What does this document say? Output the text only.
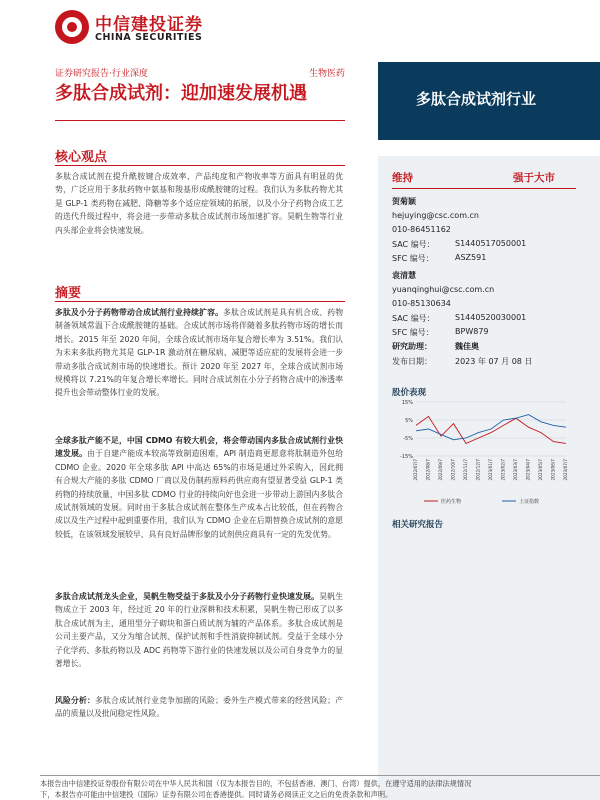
中信建投证券
CHINA SECURITIES
证券研究报告·行业深度	生物医药
多肽合成试剂：迎加速发展机遇	多肽合成试剂行业
核心观点
多肽合成试剂在提升酰胺键合成效率、产品纯度和产物收率等方面具有明显的优势，广泛应用于多肽药物中氨基和羧基形成酰胺键的过程。我们认为多肽药物尤其是 GLP-1 类药物在减肥、降糖等多个适应症领域的拓展，以及小分子药物合成工艺的迭代升级过程中，将会进一步带动多肽合成试剂市场加速扩容。昊帆生物等行业内头部企业将会快速发展。
摘要
多肽及小分子药物带动合成试剂行业持续扩容。多肽合成试剂是具有机合成、药物制备领域常温下合成酰胺键的基础。合成试剂市场将伴随着多肽药物市场的增长而增长。2015 年至 2020 年间，全球合成试剂市场年复合增长率为 3.51%。我们认为未来多肽药物尤其是 GLP-1R 激动剂在糖尿病、减肥等适应症的发展将会进一步带动多肽合成试剂市场的快速增长。预计 2020 年至 2027 年，全球合成试剂市场规模将以 7.21%的年复合增长率增长。同时合成试剂在小分子药物合成中的渗透率提升也会带动整体行业的发展。
全球多肽产能不足，中国 CDMO 有较大机会，将会带动国内多肽合成试剂行业快速发展。由于自建产能成本较高等致制造困难，API 制造商更愿意将肽制造外包给 CDMO 企业。2020 年全球多肽 API 中高达 65%的市场是通过外采购入，因此拥有合规大产能的多肽 CDMO 厂商以及仿制药原料药供应商有望显著受益 GLP-1 类药物的持续放量，中国多肽 CDMO 行业的持续向好也会进一步带动上游国内多肽合成试剂领域的发展。同时由于多肽合成试剂在整体生产成本占比较低，但在药物合成以及生产过程中起到重要作用，我们认为 CDMO 企业在后期替换合成试剂的意愿较低，在该领域发展较早、具有良好品牌形象的试剂供应商具有一定的先发优势。
多肽合成试剂龙头企业，昊帆生物受益于多肽及小分子药物行业快速发展。昊帆生物成立于 2003 年，经过近 20 年的行业深耕和技术积累，昊帆生物已形成了以多肽合成试剂为主，通用型分子砌块和蛋白质试剂为辅的产品体系。多肽合成试剂是公司主要产品，又分为缩合试剂、保护试剂和手性消旋抑制试剂。受益于全球小分子化学药、多肽药物以及 ADC 药物等下游行业的快速发展以及公司自身竞争力的显著增长。
风险分析：多肽合成试剂行业竞争加剧的风险；委外生产模式带来的经营风险；产品的质量以及批间稳定性风险。
维持	强于大市
贺菊颖
hejuying@csc.com.cn
010-86451162
SAC 编号：	S1440517050001
SFC 编号：	ASZ591
袁清慧
yuanqinghui@csc.com.cn
010-85130634
SAC 编号：	S1440520030001
SFC 编号：	BPW879
研究助理：	魏佳奥
发布日期：	2023 年 07 月 08 日
股价表现
15%
5%
-5%
-15%
2022/07/7 2022/08/7 2022/09/7 2022/10/7 2022/11/7 2022/12/7 2023/01/7 2023/02/7 2023/03/7 2023/04/7 2023/05/7 2023/06/7 2023/07/7
医药生物	上证指数
相关研究报告
本报告由中信建投证券股份有限公司在中华人民共和国（仅为本报告目的，不包括香港、澳门、台湾）提供，在遵守适用的法律法规情况
下，本报告亦可能由中信建投（国际）证券有限公司在香港提供。同时请务必阅读正文之后的免责条款和声明。
